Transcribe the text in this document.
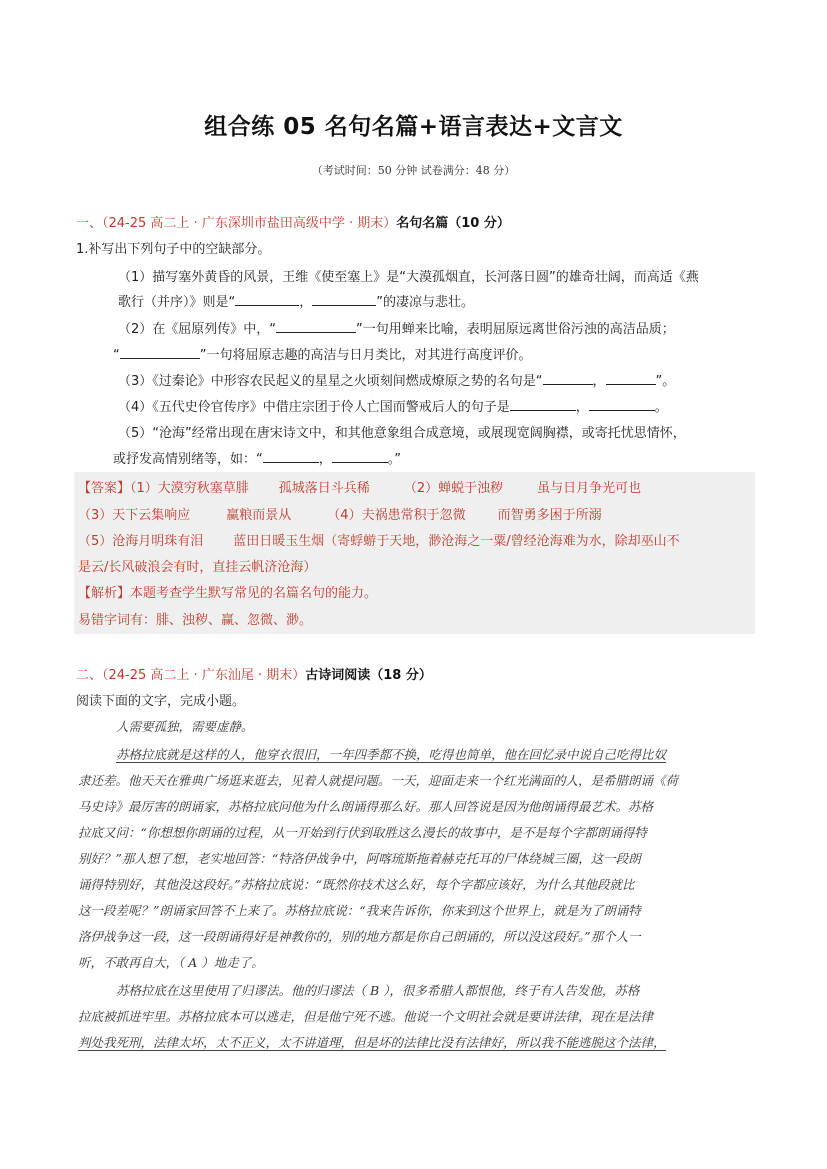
组合练 05 名句名篇+语言表达+文言文
（考试时间：50 分钟 试卷满分：48 分）
一、（24-25 高二上 · 广东深圳市盐田高级中学 · 期末）名句名篇（10 分）
1.补写出下列句子中的空缺部分。
（1）描写塞外黄昏的风景，王维《使至塞上》是“大漠孤烟直，长河落日圆”的雄奇壮阔，而高适《燕
歌行（并序）》则是“	，	”的凄凉与悲壮。
（2）在《屈原列传》中，“	”一句用蝉来比喻，表明屈原远离世俗污浊的高洁品质；
“	”一句将屈原志趣的高洁与日月类比，对其进行高度评价。
（3）《过秦论》中形容农民起义的星星之火顷刻间燃成燎原之势的名句是“	，	”。
（4）《五代史伶官传序》中借庄宗团于伶人亡国而警戒后人的句子是	，	。
（5）“沧海”经常出现在唐宋诗文中，和其他意象组合成意境，或展现宽阔胸襟，或寄托忧思情怀，
或抒发高情别绪等，如：“	，	。”
【答案】（1）大漠穷秋塞草腓 孤城落日斗兵稀	（2）蝉蜕于浊秽	虽与日月争光可也
（3）天下云集响应	赢粮而景从	（4）夫祸患常积于忽微 而智勇多困于所溺
（5）沧海月明珠有泪 蓝田日暖玉生烟（寄蜉蝣于天地，渺沧海之一粟/曾经沧海难为水，除却巫山不
是云/长风破浪会有时，直挂云帆济沧海）
【解析】本题考查学生默写常见的名篇名句的能力。
易错字词有：腓、浊秽、赢、忽微、渺。
二、（24-25 高二上 · 广东汕尾 · 期末）古诗词阅读（18 分）
阅读下面的文字，完成小题。
人需要孤独，需要虚静。
苏格拉底就是这样的人，他穿衣很旧，一年四季都不换，吃得也简单，他在回忆录中说自己吃得比奴
隶还差。他天天在雅典广场逛来逛去，见着人就提问题。一天，迎面走来一个红光满面的人，是希腊朗诵《荷
马史诗》最厉害的朗诵家，苏格拉底问他为什么朗诵得那么好。那人回答说是因为他朗诵得最艺术。苏格
拉底又问：“你想想你朗诵的过程，从一开始到行伏到取胜这么漫长的故事中，是不是每个字都朗诵得特
别好？”那人想了想，老实地回答：“特洛伊战争中，阿喀琉斯拖着赫克托耳的尸体绕城三圈，这一段朗
诵得特别好，其他没这段好。”苏格拉底说：“既然你技术这么好，每个字都应该好，为什么其他段就比
这一段差呢？”朗诵家回答不上来了。苏格拉底说：“我来告诉你，你来到这个世界上，就是为了朗诵特
洛伊战争这一段，这一段朗诵得好是神教你的，别的地方都是你自己朗诵的，所以没这段好。”那个人一
听，不敢再自大，（ A ）地走了。
苏格拉底在这里使用了归谬法。他的归谬法（ B ），很多希腊人都恨他，终于有人告发他，苏格
拉底被抓进牢里。苏格拉底本可以逃走，但是他宁死不逃。他说一个文明社会就是要讲法律，现在是法律
判处我死刑，法律太坏，太不正义，太不讲道理，但是坏的法律比没有法律好，所以我不能逃脱这个法律，
